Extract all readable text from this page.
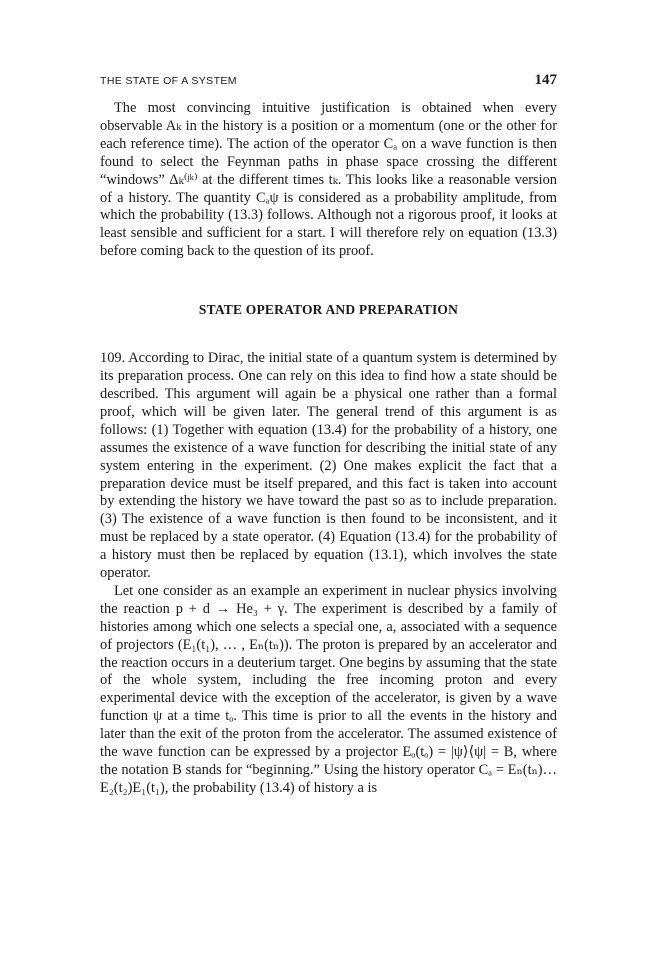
THE STATE OF A SYSTEM	147

The most convincing intuitive justification is obtained when every observable Aₖ in the history is a position or a momentum (one or the other for each reference time). The action of the operator Cₐ on a wave function is then found to select the Feynman paths in phase space crossing the different “windows” Δₖ⁽ʲᵏ⁾ at the different times tₖ. This looks like a reasonable version of a history. The quantity Cₐψ is considered as a probability amplitude, from which the probability (13.3) follows. Although not a rigorous proof, it looks at least sensible and sufficient for a start. I will therefore rely on equation (13.3) before coming back to the question of its proof.

STATE OPERATOR AND PREPARATION

109. According to Dirac, the initial state of a quantum system is determined by its preparation process. One can rely on this idea to find how a state should be described. This argument will again be a physical one rather than a formal proof, which will be given later. The general trend of this argument is as follows: (1) Together with equation (13.4) for the probability of a history, one assumes the existence of a wave function for describing the initial state of any system entering in the experiment. (2) One makes explicit the fact that a preparation device must be itself prepared, and this fact is taken into account by extending the history we have toward the past so as to include preparation. (3) The existence of a wave function is then found to be inconsistent, and it must be replaced by a state operator. (4) Equation (13.4) for the probability of a history must then be replaced by equation (13.1), which involves the state operator.

Let one consider as an example an experiment in nuclear physics involving the reaction p + d → He₃ + γ. The experiment is described by a family of histories among which one selects a special one, a, associated with a sequence of projectors (E₁(t₁), … , Eₙ(tₙ)). The proton is prepared by an accelerator and the reaction occurs in a deuterium target. One begins by assuming that the state of the whole system, including the free incoming proton and every experimental device with the exception of the accelerator, is given by a wave function ψ at a time tₒ. This time is prior to all the events in the history and later than the exit of the proton from the accelerator. The assumed existence of the wave function can be expressed by a projector Eₒ(tₒ) = |ψ⟩⟨ψ| = B, where the notation B stands for “beginning.” Using the history operator Cₐ = Eₙ(tₙ)…E₂(t₂)E₁(t₁), the probability (13.4) of history a is
